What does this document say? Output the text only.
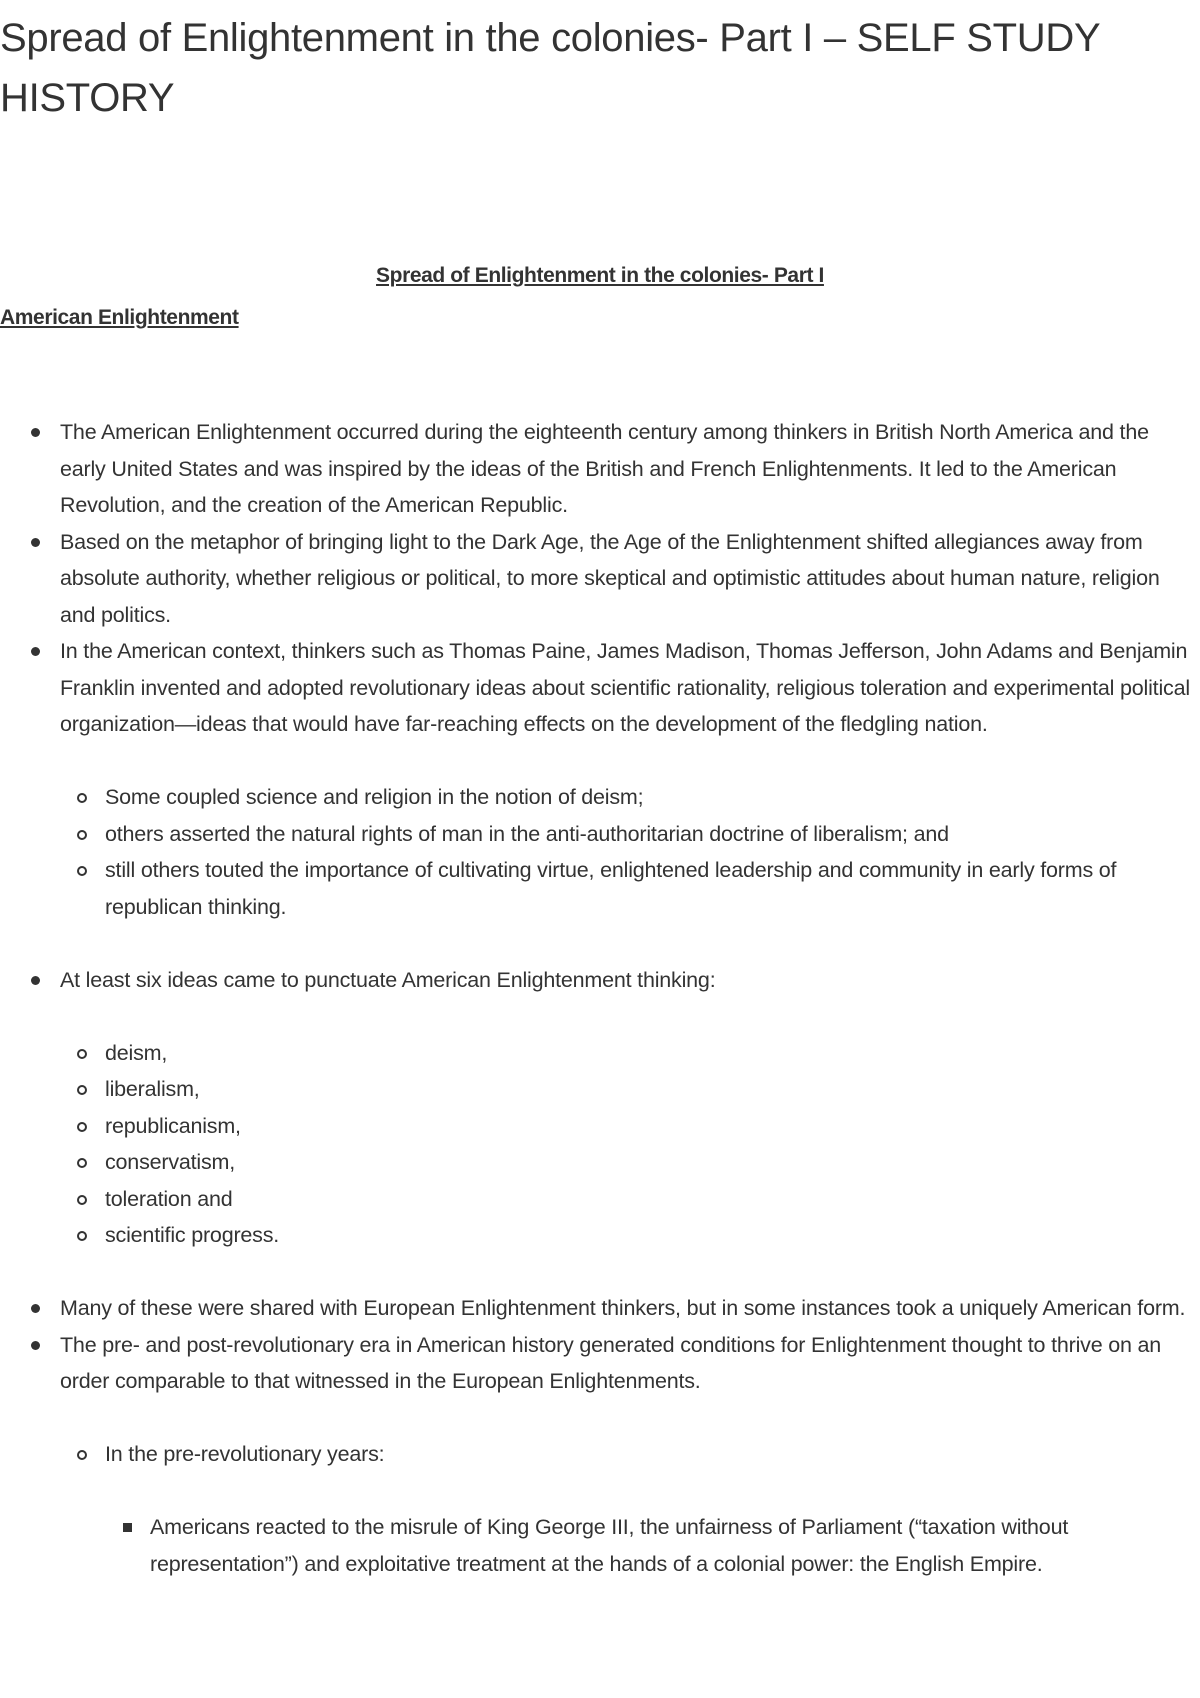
Spread of Enlightenment in the colonies- Part I – SELF STUDY HISTORY
Spread of Enlightenment in the colonies- Part I
American Enlightenment
The American Enlightenment occurred during the eighteenth century among thinkers in British North America and the early United States and was inspired by the ideas of the British and French Enlightenments. It led to the American Revolution, and the creation of the American Republic.
Based on the metaphor of bringing light to the Dark Age, the Age of the Enlightenment shifted allegiances away from absolute authority, whether religious or political, to more skeptical and optimistic attitudes about human nature, religion and politics.
In the American context, thinkers such as Thomas Paine, James Madison, Thomas Jefferson, John Adams and Benjamin Franklin invented and adopted revolutionary ideas about scientific rationality, religious toleration and experimental political organization—ideas that would have far-reaching effects on the development of the fledgling nation.
Some coupled science and religion in the notion of deism;
others asserted the natural rights of man in the anti-authoritarian doctrine of liberalism; and
still others touted the importance of cultivating virtue, enlightened leadership and community in early forms of republican thinking.
At least six ideas came to punctuate American Enlightenment thinking:
deism,
liberalism,
republicanism,
conservatism,
toleration and
scientific progress.
Many of these were shared with European Enlightenment thinkers, but in some instances took a uniquely American form.
The pre- and post-revolutionary era in American history generated conditions for Enlightenment thought to thrive on an order comparable to that witnessed in the European Enlightenments.
In the pre-revolutionary years:
Americans reacted to the misrule of King George III, the unfairness of Parliament (“taxation without representation”) and exploitative treatment at the hands of a colonial power: the English Empire.
